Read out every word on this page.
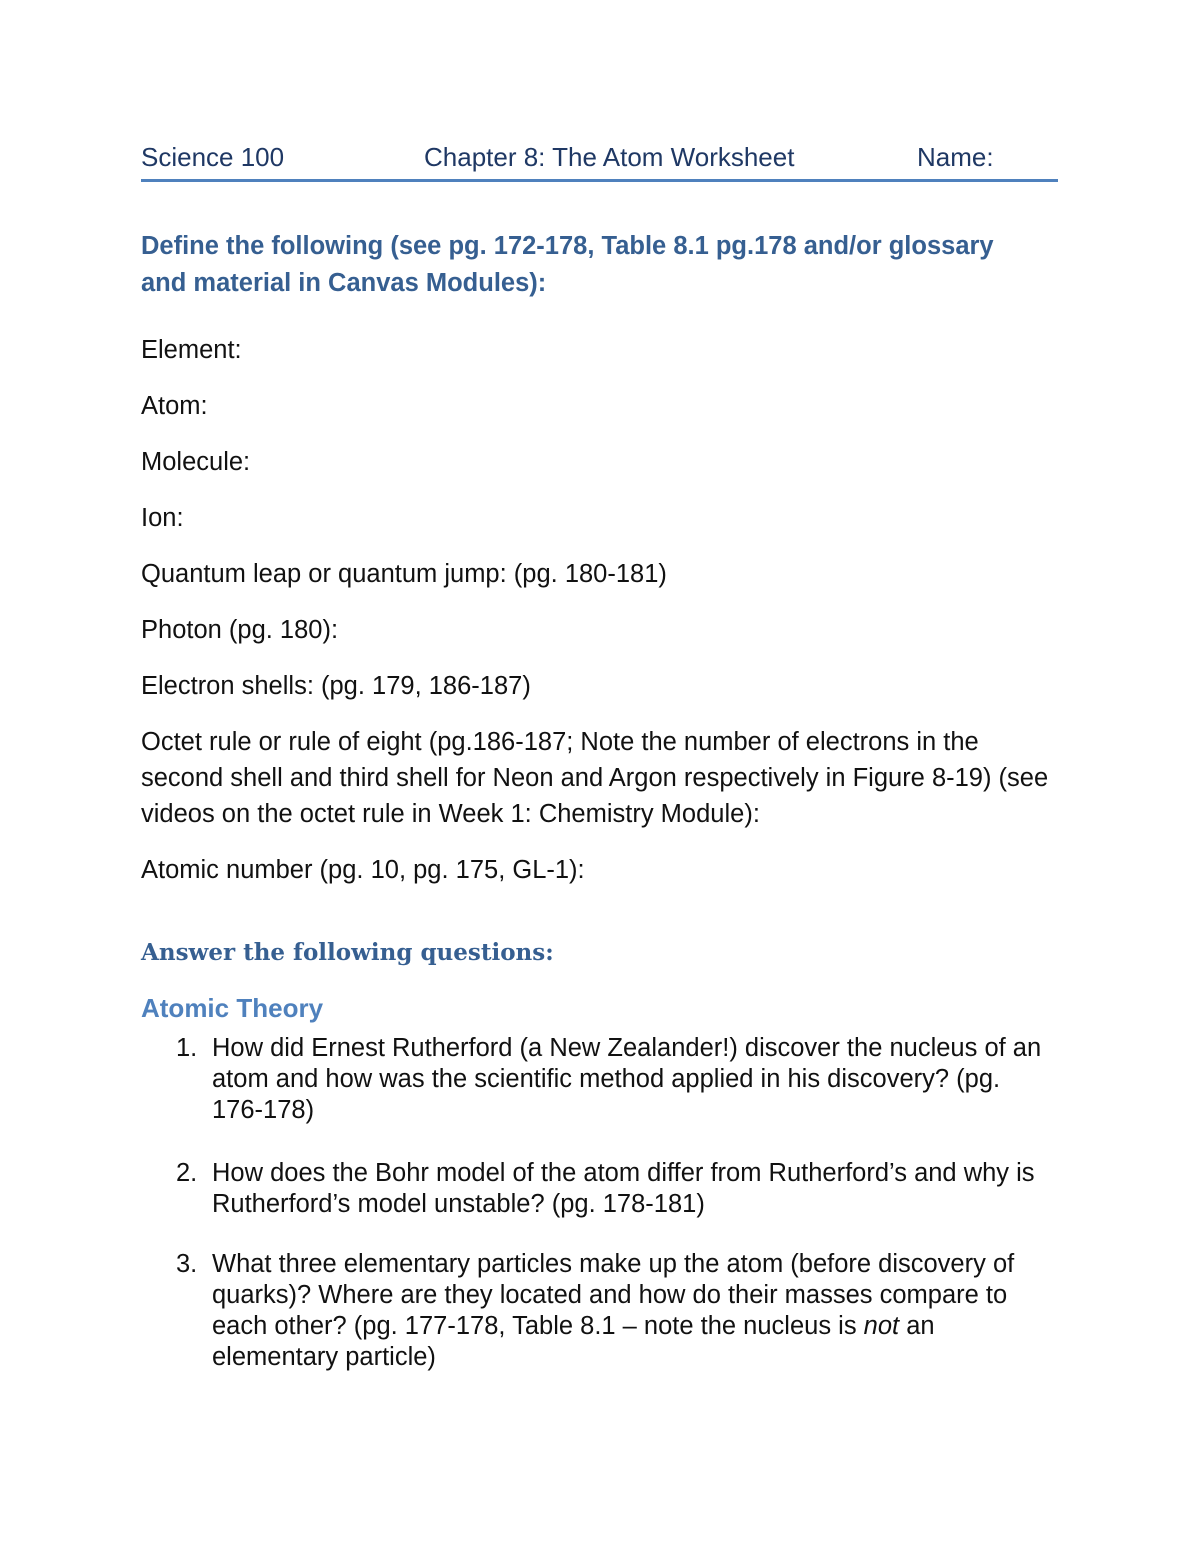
Science 100	Chapter 8: The Atom Worksheet	Name:
Define the following (see pg. 172-178, Table 8.1 pg.178 and/or glossary and material in Canvas Modules):
Element:
Atom:
Molecule:
Ion:
Quantum leap or quantum jump: (pg. 180-181)
Photon (pg. 180):
Electron shells: (pg. 179, 186-187)
Octet rule or rule of eight (pg.186-187; Note the number of electrons in the second shell and third shell for Neon and Argon respectively in Figure 8-19) (see videos on the octet rule in Week 1: Chemistry Module):
Atomic number (pg. 10, pg. 175, GL-1):
Answer the following questions:
Atomic Theory
1. How did Ernest Rutherford (a New Zealander!) discover the nucleus of an atom and how was the scientific method applied in his discovery? (pg. 176-178)
2. How does the Bohr model of the atom differ from Rutherford’s and why is Rutherford’s model unstable? (pg. 178-181)
3. What three elementary particles make up the atom (before discovery of quarks)? Where are they located and how do their masses compare to each other? (pg. 177-178, Table 8.1 – note the nucleus is not an elementary particle)
